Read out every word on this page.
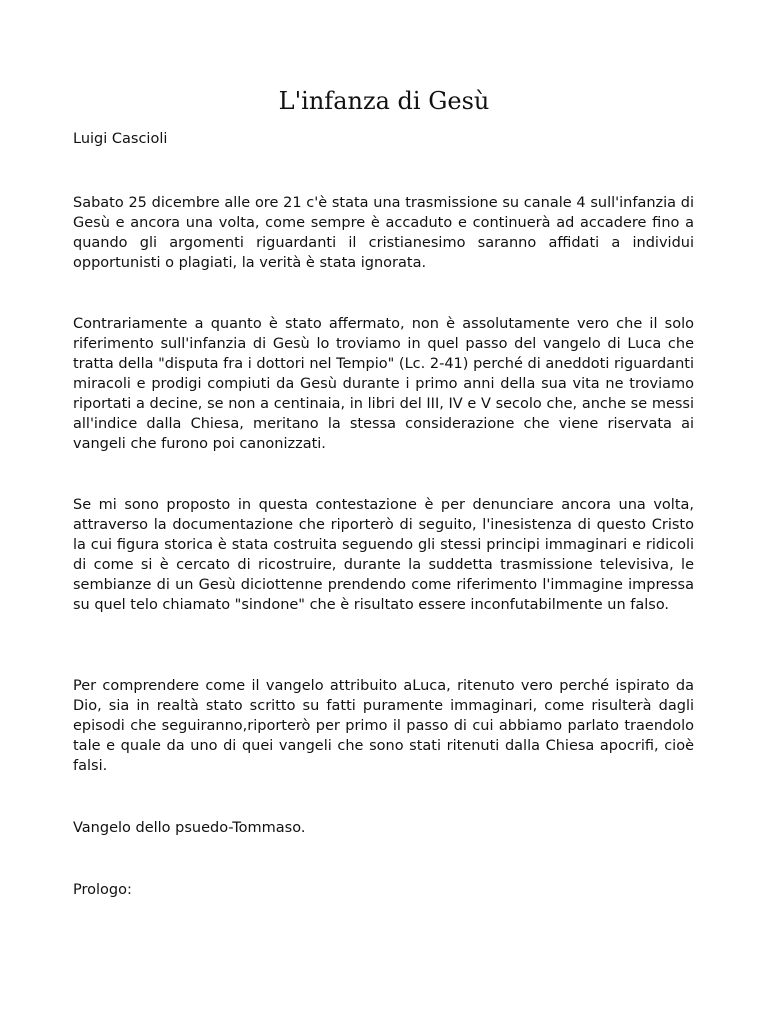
L'infanza di Gesù

Luigi Cascioli

Sabato 25 dicembre alle ore 21 c'è stata una trasmissione su canale 4 sull'infanzia di Gesù e ancora una volta, come sempre è accaduto e continuerà ad accadere fino a quando gli argomenti riguardanti il cristianesimo saranno affidati a individui opportunisti o plagiati, la verità è stata ignorata.

Contrariamente a quanto è stato affermato, non è assolutamente vero che il solo riferimento sull'infanzia di Gesù lo troviamo in quel passo del vangelo di Luca che tratta della "disputa fra i dottori nel Tempio" (Lc. 2-41) perché di aneddoti riguardanti miracoli e prodigi compiuti da Gesù durante i primo anni della sua vita ne troviamo riportati a decine, se non a centinaia, in libri del III, IV e V secolo che, anche se messi all'indice dalla Chiesa, meritano la stessa considerazione che viene riservata ai vangeli che furono poi canonizzati.

Se mi sono proposto in questa contestazione è per denunciare ancora una volta, attraverso la documentazione che riporterò di seguito, l'inesistenza di questo Cristo la cui figura storica è stata costruita seguendo gli stessi principi immaginari e ridicoli di come si è cercato di ricostruire, durante la suddetta trasmissione televisiva, le sembianze di un Gesù diciottenne prendendo come riferimento l'immagine impressa su quel telo chiamato "sindone" che è risultato essere inconfutabilmente un falso.

Per comprendere come il vangelo attribuito aLuca, ritenuto vero perché ispirato da Dio, sia in realtà stato scritto su fatti puramente immaginari, come risulterà dagli episodi che seguiranno,riporterò per primo il passo di cui abbiamo parlato traendolo tale e quale da uno di quei vangeli che sono stati ritenuti dalla Chiesa apocrifi, cioè falsi.

Vangelo dello psuedo-Tommaso.

Prologo:
